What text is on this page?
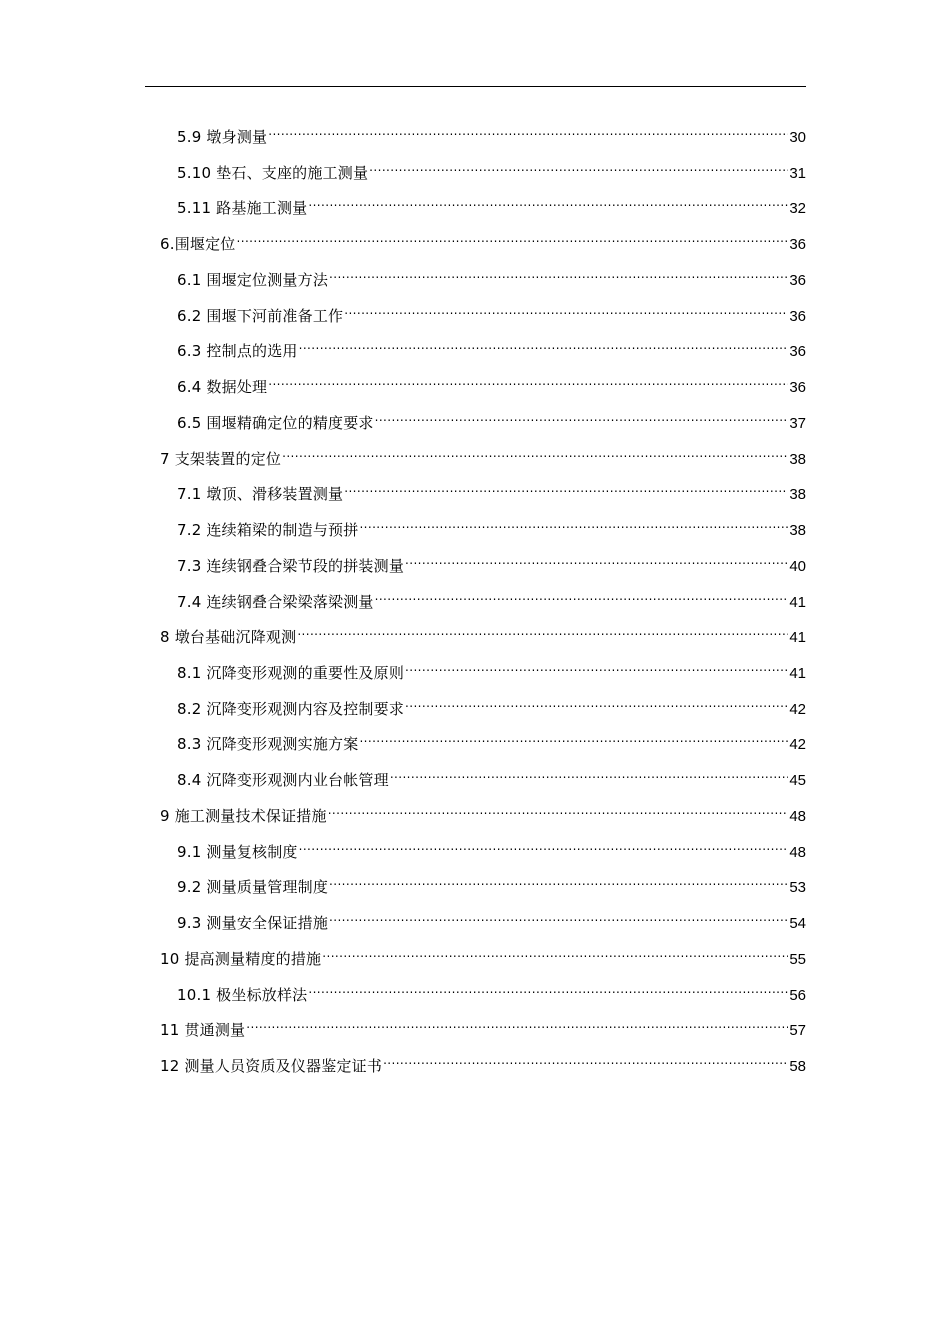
5.9 墩身测量 .....	30
5.10 垫石、支座的施工测量 .....	31
5.11 路基施工测量 .....	32
6.围堰定位 .....	36
6.1 围堰定位测量方法 .....	36
6.2 围堰下河前准备工作 .....	36
6.3 控制点的选用 .....	36
6.4 数据处理 .....	36
6.5 围堰精确定位的精度要求 .....	37
7 支架装置的定位 .....	38
7.1 墩顶、滑移装置测量 .....	38
7.2 连续箱梁的制造与预拼 .....	38
7.3 连续钢叠合梁节段的拼装测量 .....	40
7.4 连续钢叠合梁梁落梁测量 .....	41
8 墩台基础沉降观测 .....	41
8.1 沉降变形观测的重要性及原则 .....	41
8.2 沉降变形观测内容及控制要求 .....	42
8.3 沉降变形观测实施方案 .....	42
8.4 沉降变形观测内业台帐管理 .....	45
9 施工测量技术保证措施 .....	48
9.1 测量复核制度 .....	48
9.2 测量质量管理制度 .....	53
9.3 测量安全保证措施 .....	54
10 提高测量精度的措施 .....	55
10.1 极坐标放样法 .....	56
11 贯通测量 .....	57
12 测量人员资质及仪器鉴定证书 .....	58
